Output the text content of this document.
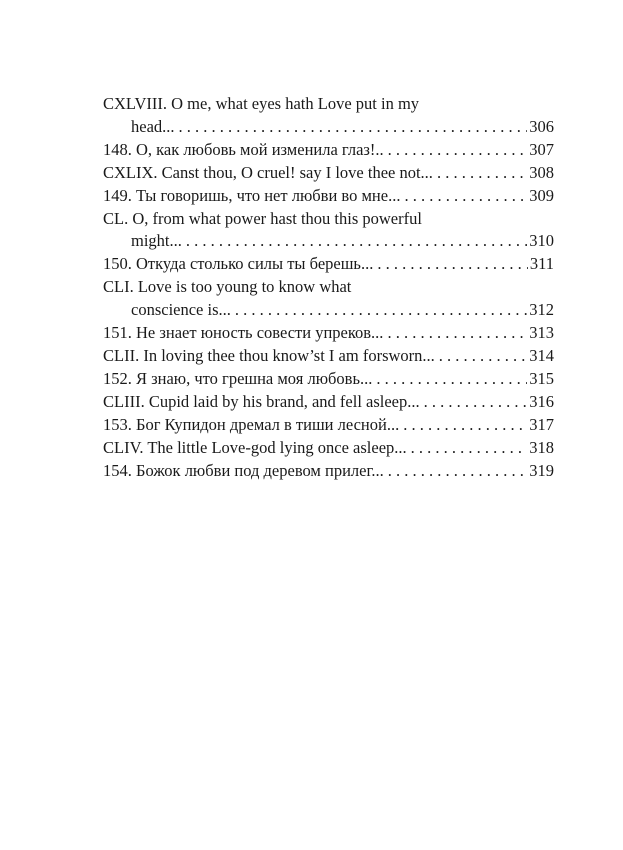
CXLVIII. O me, what eyes hath Love put in my
head... . . .	306
148. О, как любовь мой изменила глаз!.. . . .	307
CXLIX. Canst thou, O cruel! say I love thee not... . . .	308
149. Ты говоришь, что нет любви во мне... . . .	309
CL. O, from what power hast thou this powerful
might... . . .	310
150. Откуда столько силы ты берешь... . . .	311
CLI. Love is too young to know what
conscience is... . . .	312
151. Не знает юность совести упреков... . . .	313
CLII. In loving thee thou know’st I am forsworn... . . .	314
152. Я знаю, что грешна моя любовь... . . .	315
CLIII. Cupid laid by his brand, and fell asleep... . . .	316
153. Бог Купидон дремал в тиши лесной... . . .	317
CLIV. The little Love-god lying once asleep... . . .	318
154. Божок любви под деревом прилег... . . .	319
